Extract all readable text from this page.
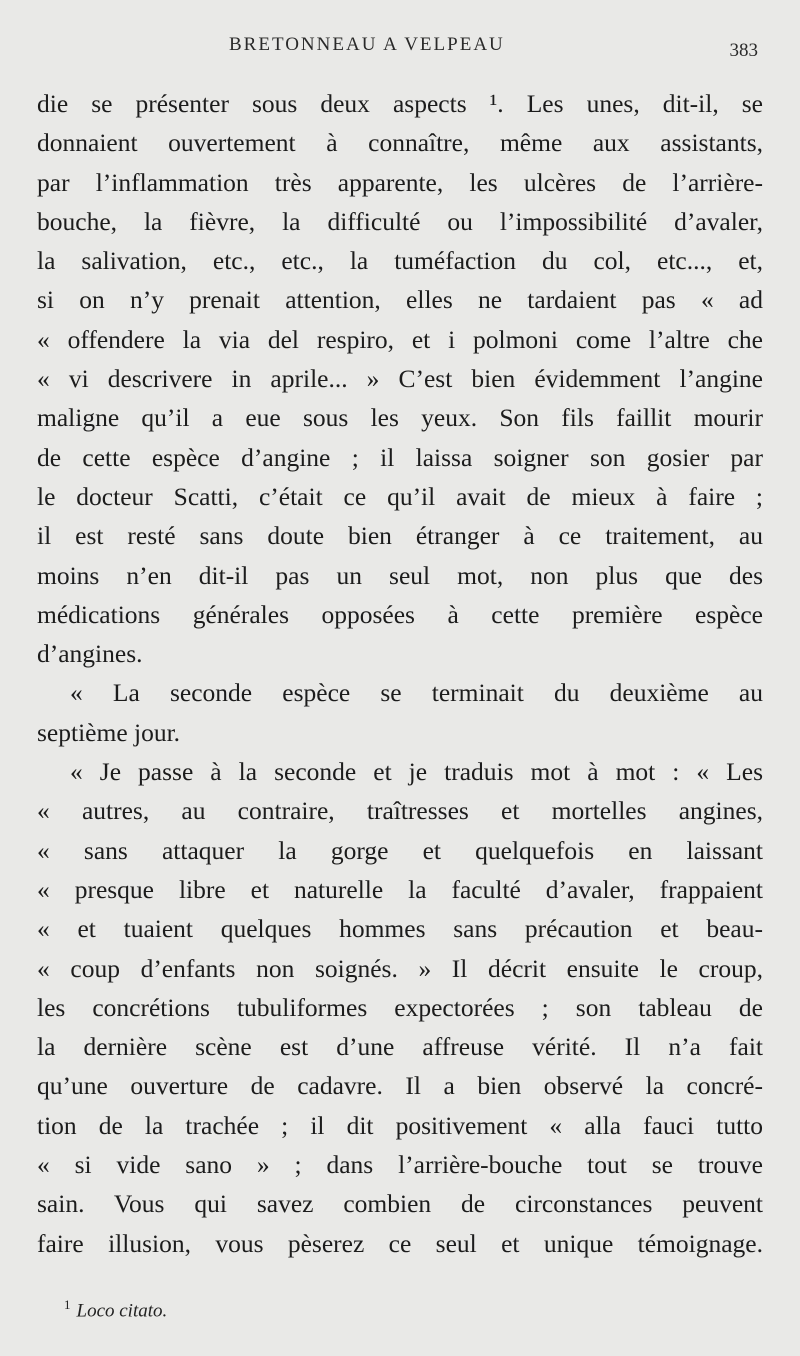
BRETONNEAU A VELPEAU	383
die se présenter sous deux aspects ¹. Les unes, dit-il, se
donnaient ouvertement à connaître, même aux assistants,
par l’inflammation très apparente, les ulcères de l’arrière-
bouche, la fièvre, la difficulté ou l’impossibilité d’avaler,
la salivation, etc., etc., la tuméfaction du col, etc..., et,
si on n’y prenait attention, elles ne tardaient pas « ad
« offendere la via del respiro, et i polmoni come l’altre che
« vi descrivere in aprile... » C’est bien évidemment l’angine
maligne qu’il a eue sous les yeux. Son fils faillit mourir
de cette espèce d’angine ; il laissa soigner son gosier par
le docteur Scatti, c’était ce qu’il avait de mieux à faire ;
il est resté sans doute bien étranger à ce traitement, au
moins n’en dit-il pas un seul mot, non plus que des
médications générales opposées à cette première espèce
d’angines.
« La seconde espèce se terminait du deuxième au
septième jour.
« Je passe à la seconde et je traduis mot à mot : « Les
« autres, au contraire, traîtresses et mortelles angines,
« sans attaquer la gorge et quelquefois en laissant
« presque libre et naturelle la faculté d’avaler, frappaient
« et tuaient quelques hommes sans précaution et beau-
« coup d’enfants non soignés. » Il décrit ensuite le croup,
les concrétions tubuliformes expectorées ; son tableau de
la dernière scène est d’une affreuse vérité. Il n’a fait
qu’une ouverture de cadavre. Il a bien observé la concré-
tion de la trachée ; il dit positivement « alla fauci tutto
« si vide sano » ; dans l’arrière-bouche tout se trouve
sain. Vous qui savez combien de circonstances peuvent
faire illusion, vous pèserez ce seul et unique témoignage.
$^1$ Loco citato.
